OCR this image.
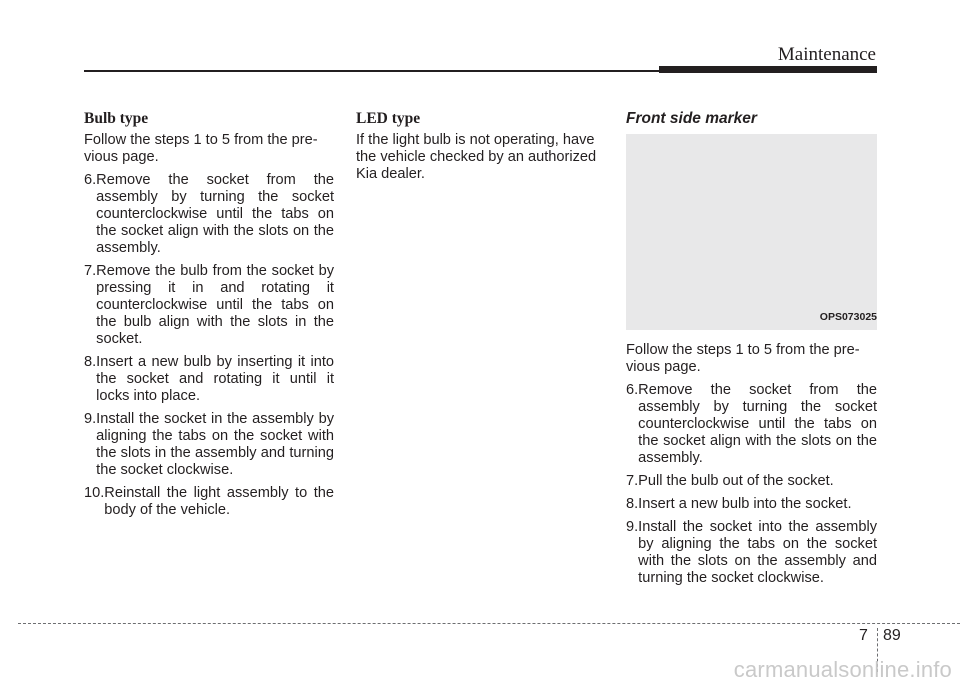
Maintenance
Bulb type

Follow the steps 1 to 5 from the pre-vious page.

6. Remove the socket from the assembly by turning the socket counterclockwise until the tabs on the socket align with the slots on the assembly.
7. Remove the bulb from the socket by pressing it in and rotating it counterclockwise until the tabs on the bulb align with the slots in the socket.
8. Insert a new bulb by inserting it into the socket and rotating it until it locks into place.
9. Install the socket in the assembly by aligning the tabs on the socket with the slots in the assembly and turning the socket clockwise.
10. Reinstall the light assembly to the body of the vehicle.
LED type

If the light bulb is not operating, have the vehicle checked by an authorized Kia dealer.

Front side marker
OPS073025

Follow the steps 1 to 5 from the pre-vious page.

6. Remove the socket from the assembly by turning the socket counterclockwise until the tabs on the socket align with the slots on the assembly.
7. Pull the bulb out of the socket.
8. Insert a new bulb into the socket.
9. Install the socket into the assembly by aligning the tabs on the socket with the slots on the assembly and turning the socket clockwise.
7 89
carmanualsonline.info
